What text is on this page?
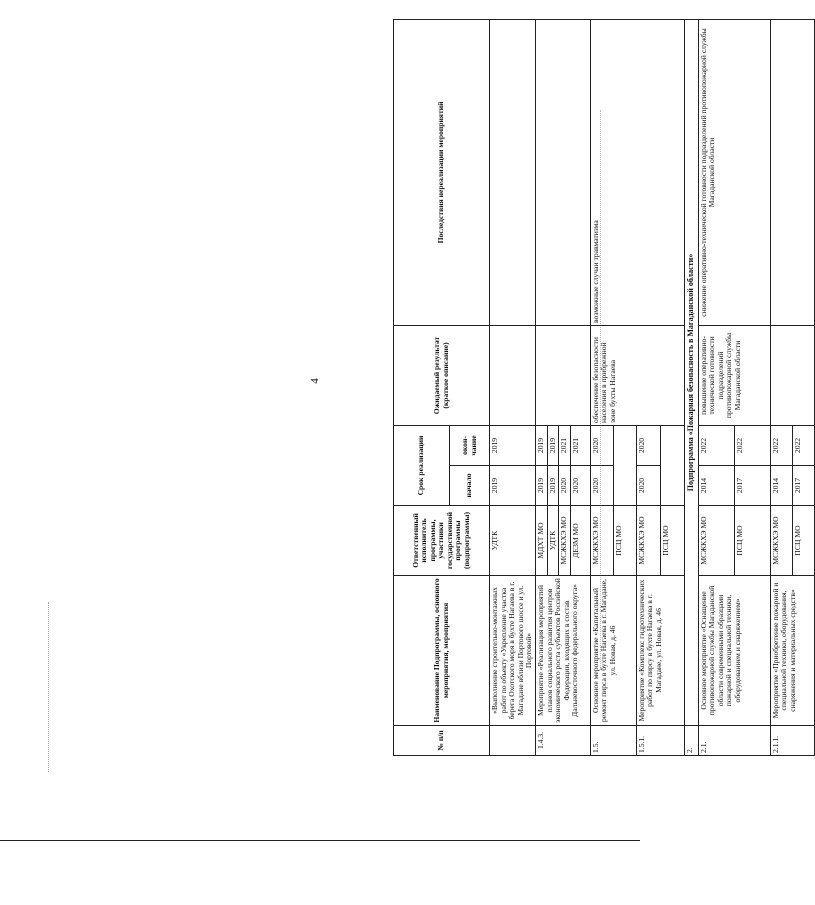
4
№ п/п	Наименование Подпрограммы, основного мероприятия, мероприятия	Ответственный исполнитель программы, участники государственной программы (подпрограммы)	Срок реализации		Ожидаемый результат (краткое описание)	Последствия нереализации мероприятий
			начало	окон-чание		
	«Выполнение строительно-монтажных работ по объекту «Укрепление участка берега Охотского моря в бухте Нагаева в г. Магадане вблизи Портового шоссе и ул. Портовой»	УДТК	2019	2019		
1.4.3.	Мероприятие «Реализация мероприятий планов социального развития центров экономического роста субъектов Российской Федерации, входящих в состав Дальневосточного федерального округа»	МДХТ МО	2019	2019		
		УДТК	2019	2019		
		МСЖКХЭ МО	2020	2021		
		ДЕЗМ МО	2020	2021		
1.5.	Основное мероприятие «Капитальный ремонт пирса в бухте Нагаева в г. Магадане, ул. Новая, д. 46	МСЖКХЭ МО	2020	2020	обеспечение безопасности населения в прибрежной зоне бухты Нагаева	возможные случаи травматизма
		ПСЦ МО				
1.5.1.	Мероприятие «Комплекс гидротехнических работ по пирсу в бухте Нагаева в г. Магадане, ул. Новая, д. 46	МСЖКХЭ МО	2020	2020		
		ПСЦ МО				
2.	Подпрограмма «Пожарная безопасность в Магаданской области»					
2.1.	Основное мероприятие «Оснащение противопожарной службы Магаданской области современными образцами пожарной и специальной техники, оборудованием и снаряжением»	МСЖКХЭ МО	2014	2022	повышение оперативно-технической готовности подразделений противопожарной службы Магаданской области	снижение оперативно-технической готовности подразделений противопожарной службы Магаданской области
		ПСЦ МО	2017	2022		
2.1.1.	Мероприятие «Приобретение пожарной и специальной техники, оборудования, снаряжения и материальных средств»	МСЖКХЭ МО	2014	2022		
		ПСЦ МО	2017	2022		
